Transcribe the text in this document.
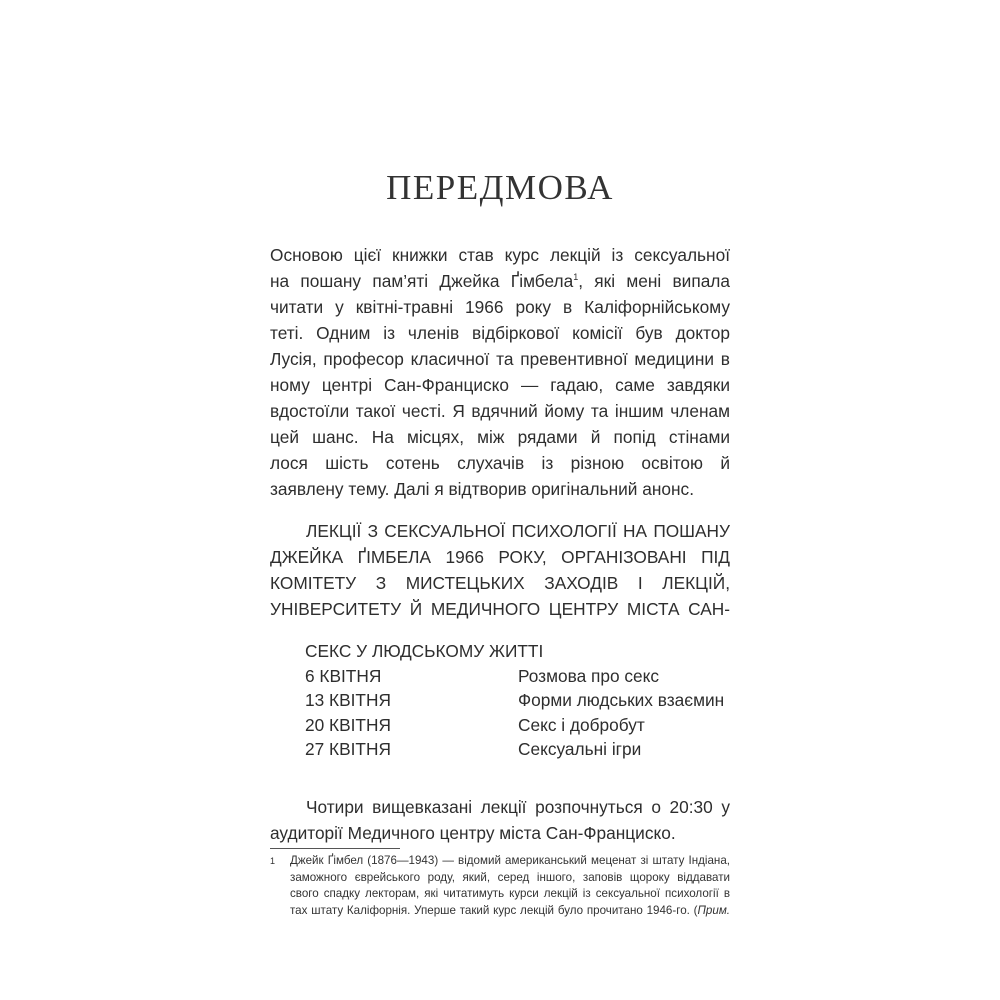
ПЕРЕДМОВА
Основою цієї книжки став курс лекцій із сексуальної
на пошану пам’яті Джейка Ґімбела$^1$, які мені випала
читати у квітні-травні 1966 року в Каліфорнійському
теті. Одним із членів відбіркової комісії був доктор
Лусія, професор класичної та превентивної медицини в
ному центрі Сан-Франциско — гадаю, саме завдяки
вдостоїли такої честі. Я вдячний йому та іншим членам
цей шанс. На місцях, між рядами й попід стінами
лося шість сотень слухачів із різною освітою й
заявлену тему. Далі я відтворив оригінальний анонс.
ЛЕКЦІЇ З СЕКСУАЛЬНОЇ ПСИХОЛОГІЇ НА ПОШАНУ
ДЖЕЙКА ҐІМБЕЛА 1966 РОКУ, ОРГАНІЗОВАНІ ПІД
КОМІТЕТУ З МИСТЕЦЬКИХ ЗАХОДІВ І ЛЕКЦІЙ,
УНІВЕРСИТЕТУ Й МЕДИЧНОГО ЦЕНТРУ МІСТА САН-
СЕКС У ЛЮДСЬКОМУ ЖИТТІ
6 КВІТНЯ	Розмова про секс
13 КВІТНЯ	Форми людських взаємин
20 КВІТНЯ	Секс і добробут
27 КВІТНЯ	Сексуальні ігри
Чотири вищевказані лекції розпочнуться о 20:30 у
аудиторії Медичного центру міста Сан-Франциско.
1 Джейк Ґімбел (1876—1943) — відомий американський меценат зі штату Індіана,
заможного єврейського роду, який, серед іншого, заповів щороку віддавати
свого спадку лекторам, які читатимуть курси лекцій із сексуальної психології в
тах штату Каліфорнія. Уперше такий курс лекцій було прочитано 1946-го. (Прим.
